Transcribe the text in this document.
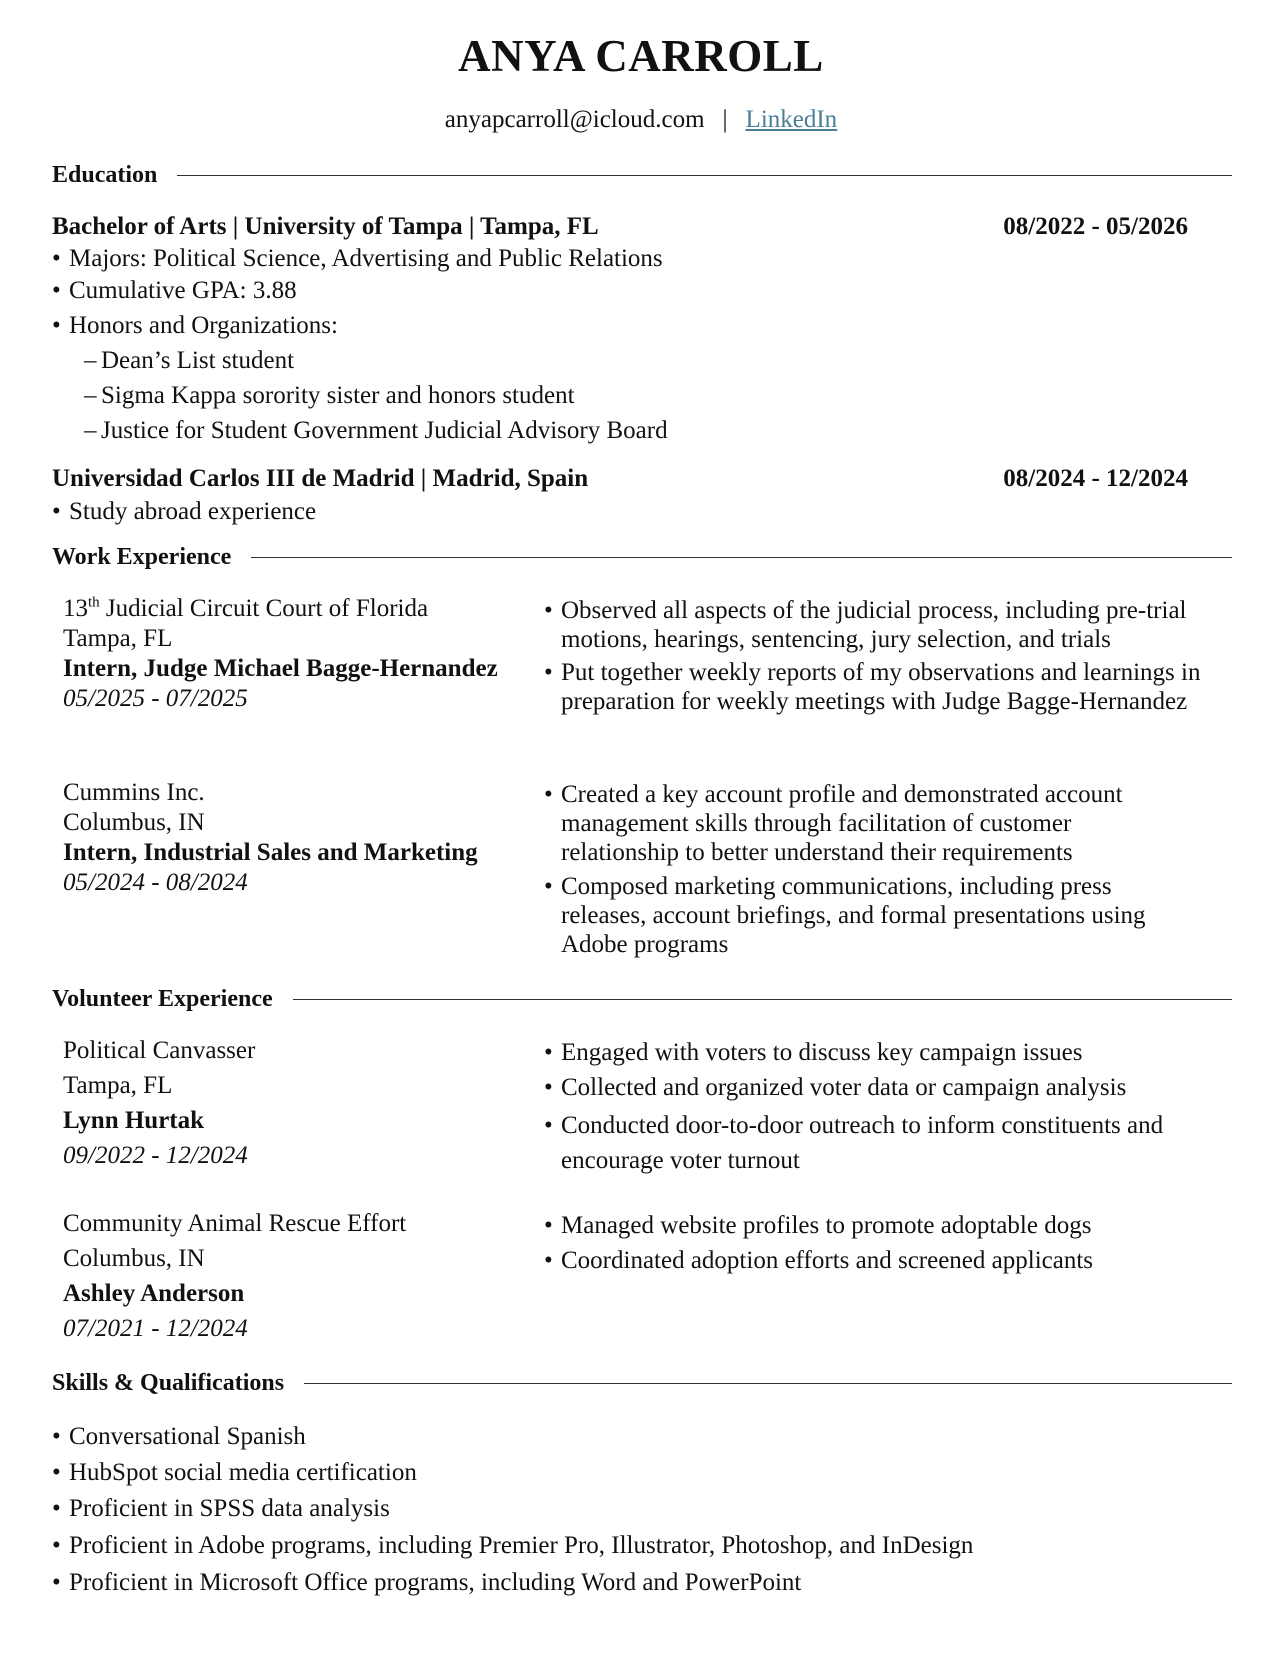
ANYA CARROLL
anyapcarroll@icloud.com | LinkedIn
Education
Bachelor of Arts | University of Tampa | Tampa, FL	08/2022 - 05/2026
• Majors: Political Science, Advertising and Public Relations
• Cumulative GPA: 3.88
• Honors and Organizations:
– Dean’s List student
– Sigma Kappa sorority sister and honors student
– Justice for Student Government Judicial Advisory Board
Universidad Carlos III de Madrid | Madrid, Spain	08/2024 - 12/2024
• Study abroad experience
Work Experience
13th Judicial Circuit Court of Florida
Tampa, FL
Intern, Judge Michael Bagge-Hernandez
05/2025 - 07/2025
• Observed all aspects of the judicial process, including pre-trial motions, hearings, sentencing, jury selection, and trials
• Put together weekly reports of my observations and learnings in preparation for weekly meetings with Judge Bagge-Hernandez
Cummins Inc.
Columbus, IN
Intern, Industrial Sales and Marketing
05/2024 - 08/2024
• Created a key account profile and demonstrated account management skills through facilitation of customer relationship to better understand their requirements
• Composed marketing communications, including press releases, account briefings, and formal presentations using Adobe programs
Volunteer Experience
Political Canvasser
Tampa, FL
Lynn Hurtak
09/2022 - 12/2024
• Engaged with voters to discuss key campaign issues
• Collected and organized voter data or campaign analysis
• Conducted door-to-door outreach to inform constituents and encourage voter turnout
Community Animal Rescue Effort
Columbus, IN
Ashley Anderson
07/2021 - 12/2024
• Managed website profiles to promote adoptable dogs
• Coordinated adoption efforts and screened applicants
Skills & Qualifications
• Conversational Spanish
• HubSpot social media certification
• Proficient in SPSS data analysis
• Proficient in Adobe programs, including Premier Pro, Illustrator, Photoshop, and InDesign
• Proficient in Microsoft Office programs, including Word and PowerPoint
